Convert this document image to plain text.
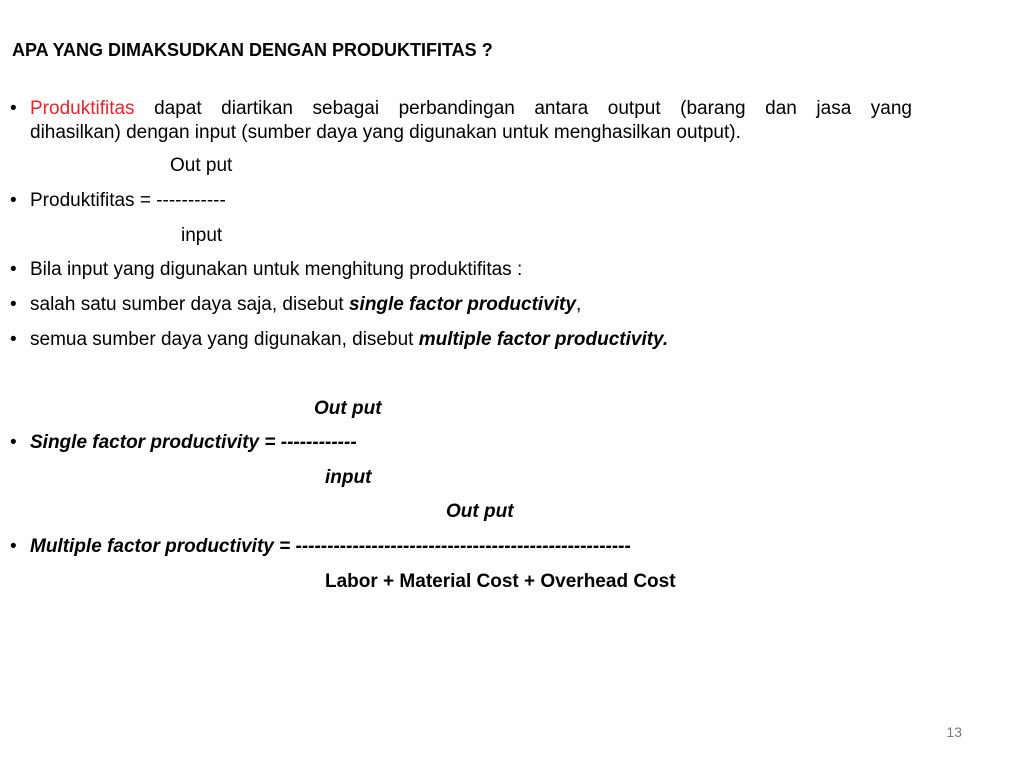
APA YANG DIMAKSUDKAN DENGAN PRODUKTIFITAS ?
• Produktifitas dapat diartikan sebagai perbandingan antara output (barang dan jasa yang
dihasilkan) dengan input (sumber daya yang digunakan untuk menghasilkan output).
Out put
• Produktifitas = -----------
input
• Bila input yang digunakan untuk menghitung produktifitas :
• salah satu sumber daya saja, disebut single factor productivity,
• semua sumber daya yang digunakan, disebut multiple factor productivity.
Out put
• Single factor productivity = ------------
input
Out put
• Multiple factor productivity = -----------------------------------------------------
Labor + Material Cost + Overhead Cost
13
